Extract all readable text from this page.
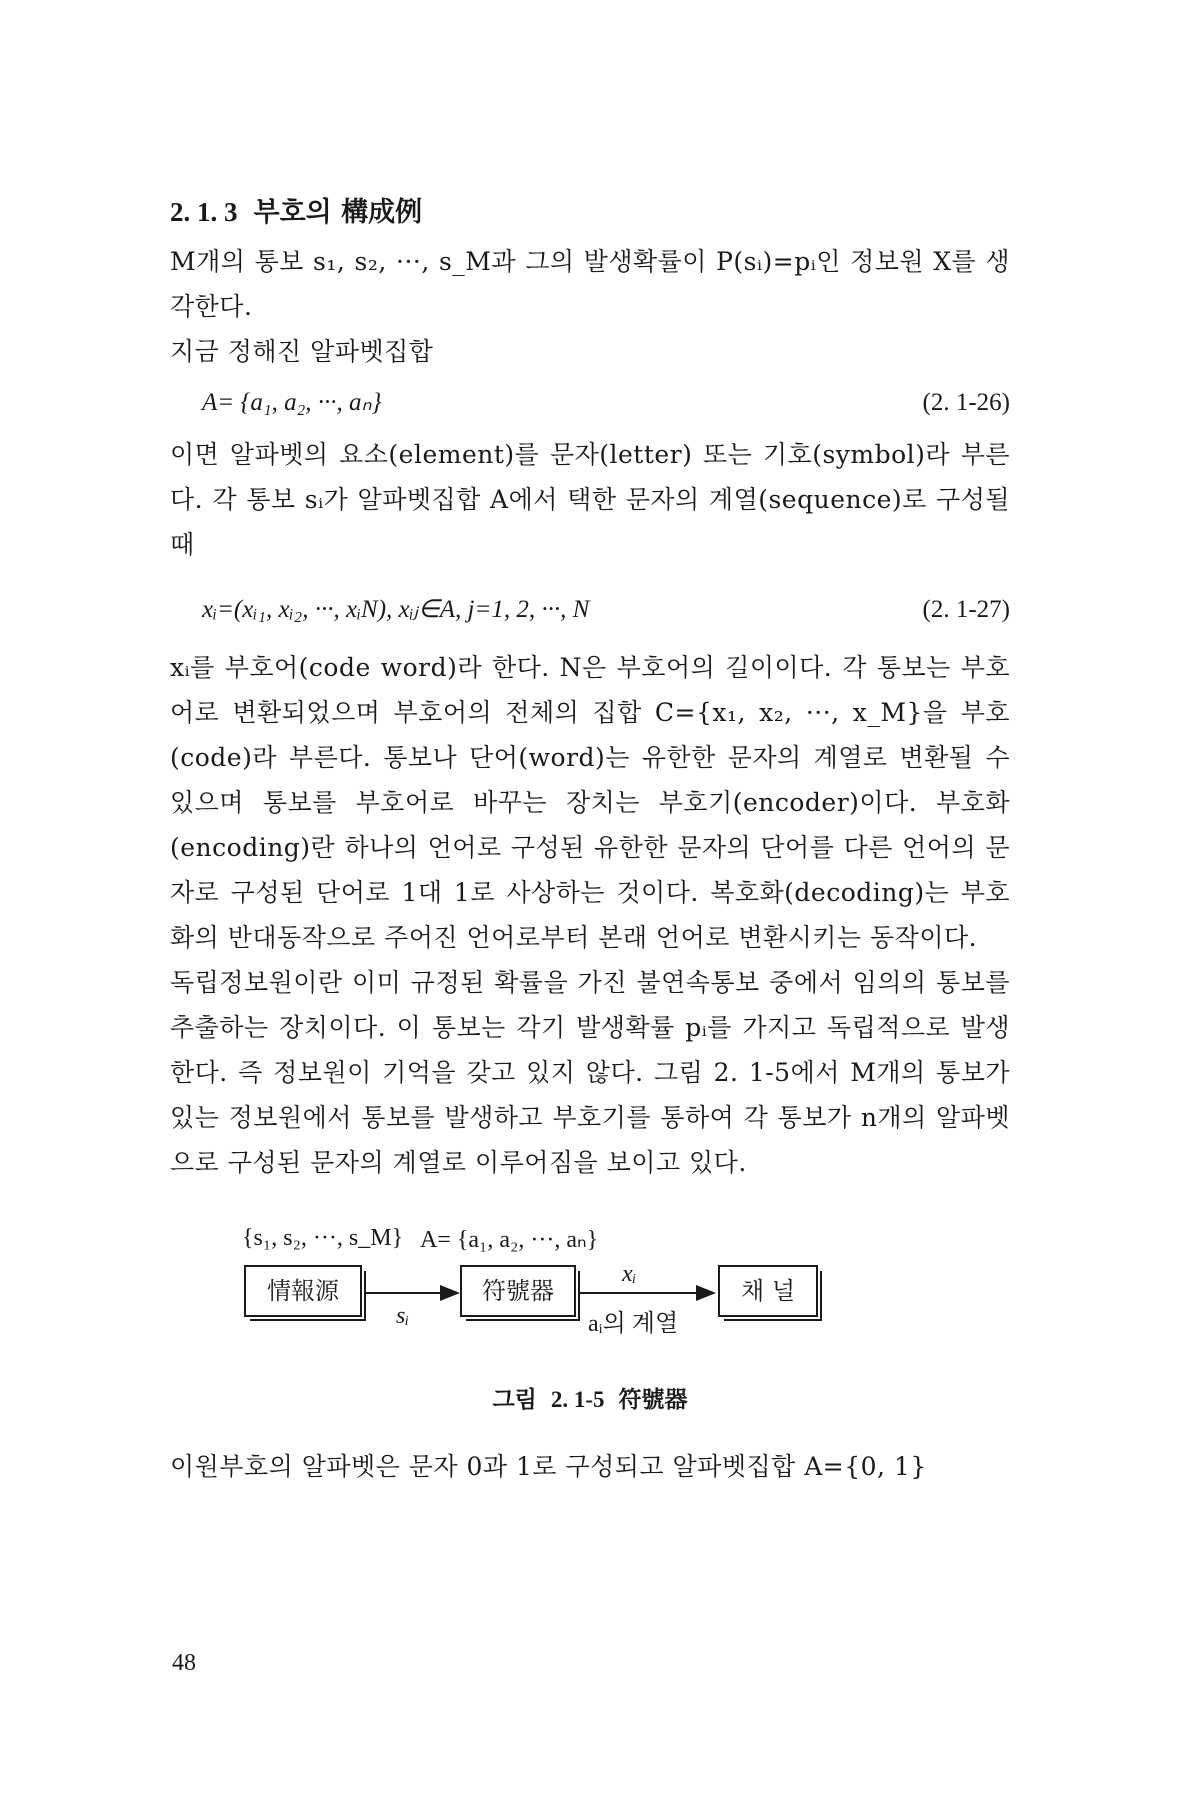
2. 1. 3 부호의 構成例

M개의 통보 s₁, s₂, ···, s_M과 그의 발생확률이 P(sᵢ)=pᵢ인 정보원 X를 생각한다.

지금 정해진 알파벳집합

A= {a₁, a₂, ···, aₙ}	(2. 1-26)

이면 알파벳의 요소(element)를 문자(letter) 또는 기호(symbol)라 부른다. 각 통보 sᵢ가 알파벳집합 A에서 택한 문자의 계열(sequence)로 구성될 때

xᵢ=(xᵢ₁, xᵢ₂, ···, xᵢN), xᵢⱼ∈A, j=1, 2, ···, N	(2. 1-27)

xᵢ를 부호어(code word)라 한다. N은 부호어의 길이이다. 각 통보는 부호어로 변환되었으며 부호어의 전체의 집합 C={x₁, x₂, ···, x_M}을 부호(code)라 부른다. 통보나 단어(word)는 유한한 문자의 계열로 변환될 수 있으며 통보를 부호어로 바꾸는 장치는 부호기(encoder)이다. 부호화(encoding)란 하나의 언어로 구성된 유한한 문자의 단어를 다른 언어의 문자로 구성된 단어로 1대 1로 사상하는 것이다. 복호화(decoding)는 부호화의 반대동작으로 주어진 언어로부터 본래 언어로 변환시키는 동작이다.

독립정보원이란 이미 규정된 확률을 가진 불연속통보 중에서 임의의 통보를 추출하는 장치이다. 이 통보는 각기 발생확률 pᵢ를 가지고 독립적으로 발생한다. 즉 정보원이 기억을 갖고 있지 않다. 그림 2. 1-5에서 M개의 통보가 있는 정보원에서 통보를 발생하고 부호기를 통하여 각 통보가 n개의 알파벳으로 구성된 문자의 계열로 이루어짐을 보이고 있다.

{s₁, s₂, ···, s_M} A= {a₁, a₂, ···, aₙ}
情報源	符號器	채 널
sᵢ
xᵢ
aᵢ의 계열
그림 2. 1-5 符號器

이원부호의 알파벳은 문자 0과 1로 구성되고 알파벳집합 A={0, 1}

48
